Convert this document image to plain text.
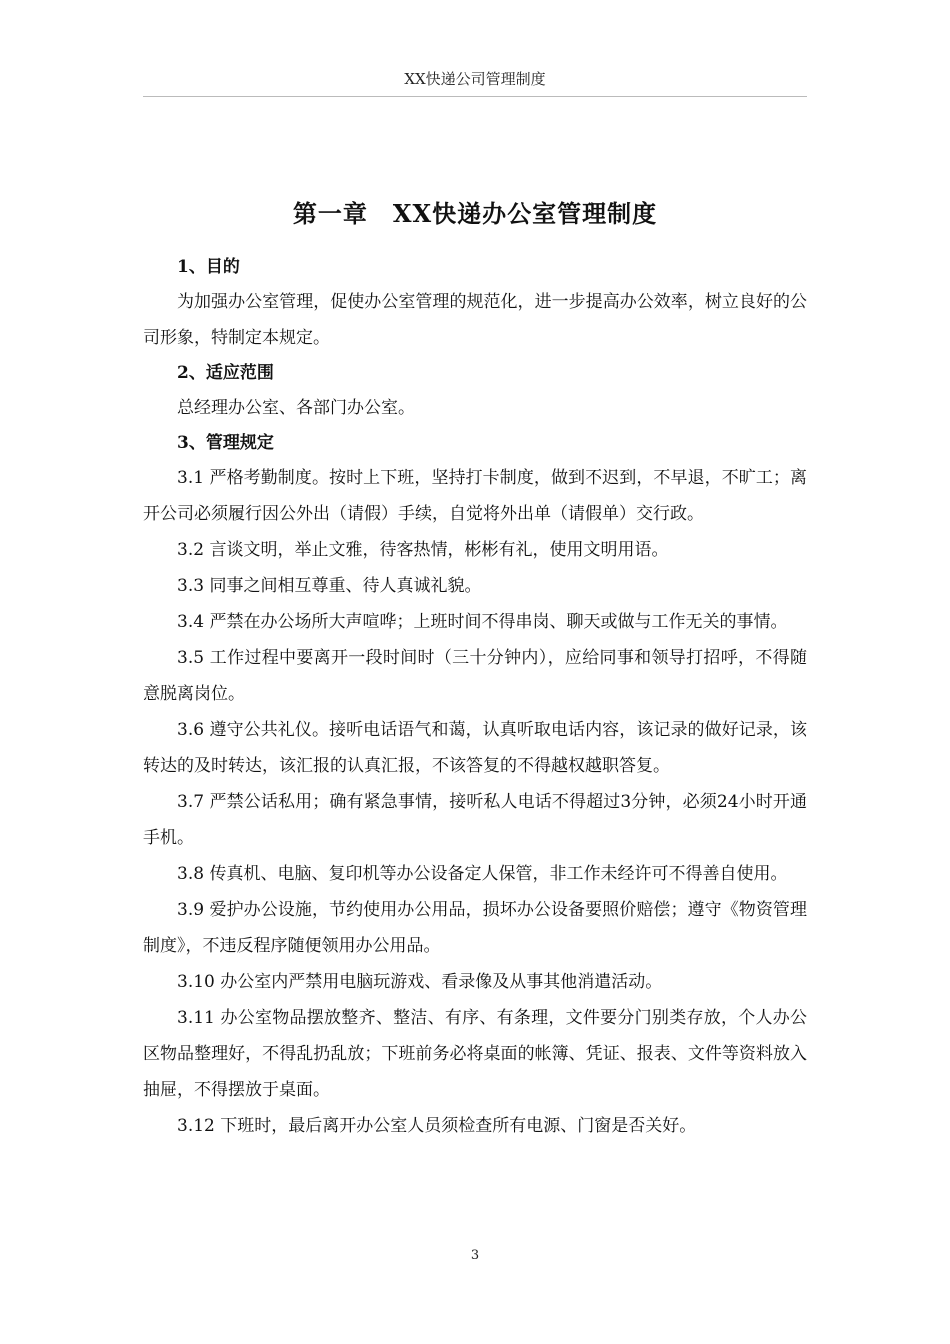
XX快递公司管理制度
第一章　XX快递办公室管理制度

1、目的

为加强办公室管理，促使办公室管理的规范化，进一步提高办公效率，树立良好的公司形象，特制定本规定。

2、适应范围

总经理办公室、各部门办公室。

3、管理规定

3.1 严格考勤制度。按时上下班，坚持打卡制度，做到不迟到，不早退，不旷工；离开公司必须履行因公外出（请假）手续，自觉将外出单（请假单）交行政。

3.2 言谈文明，举止文雅，待客热情，彬彬有礼，使用文明用语。

3.3 同事之间相互尊重、待人真诚礼貌。

3.4 严禁在办公场所大声喧哗；上班时间不得串岗、聊天或做与工作无关的事情。

3.5 工作过程中要离开一段时间时（三十分钟内），应给同事和领导打招呼，不得随意脱离岗位。

3.6 遵守公共礼仪。接听电话语气和蔼，认真听取电话内容，该记录的做好记录，该转达的及时转达，该汇报的认真汇报，不该答复的不得越权越职答复。

3.7 严禁公话私用；确有紧急事情，接听私人电话不得超过3分钟，必须24小时开通手机。

3.8 传真机、电脑、复印机等办公设备定人保管，非工作未经许可不得善自使用。

3.9 爱护办公设施，节约使用办公用品，损坏办公设备要照价赔偿；遵守《物资管理制度》，不违反程序随便领用办公用品。

3.10 办公室内严禁用电脑玩游戏、看录像及从事其他消遣活动。

3.11 办公室物品摆放整齐、整洁、有序、有条理，文件要分门别类存放，个人办公区物品整理好，不得乱扔乱放；下班前务必将桌面的帐簿、凭证、报表、文件等资料放入抽屉，不得摆放于桌面。

3.12 下班时，最后离开办公室人员须检查所有电源、门窗是否关好。

3
